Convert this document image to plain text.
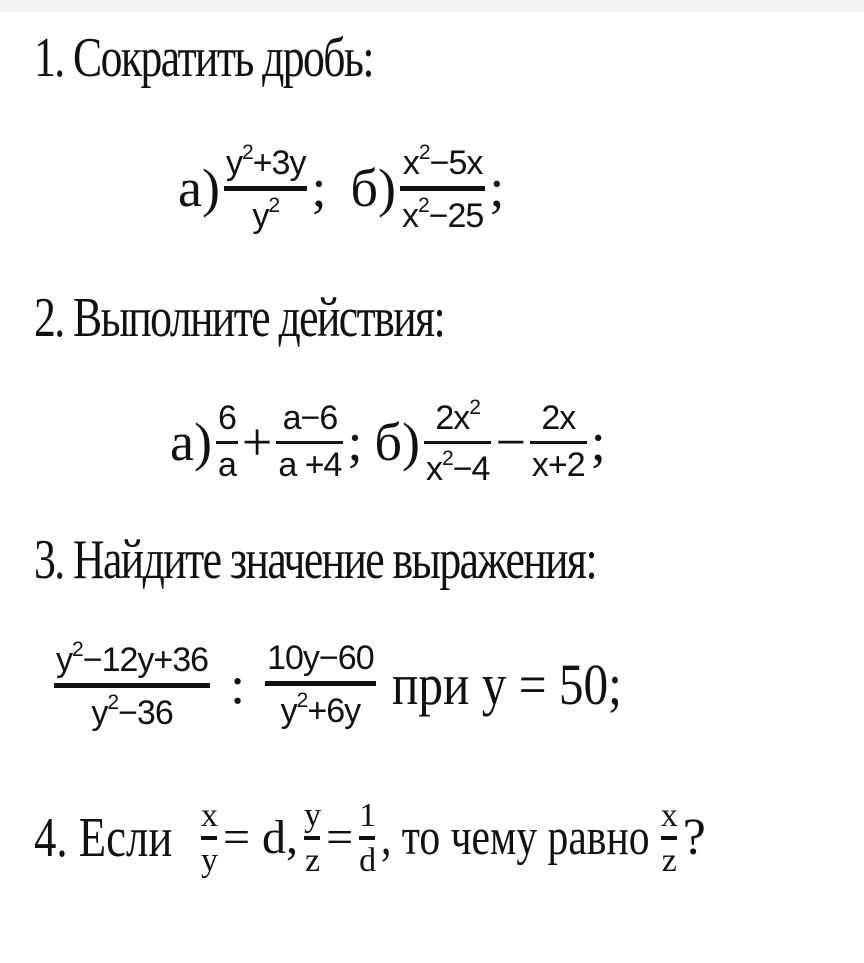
1. Сократить дробь:
а) $y^2+3y$
$y^2$ ; б) $x^2-5x$
$x^2-25$ ;
2. Выполните действия:
$а) \frac{6}{a} + \frac{a-6}{a +4}$ ; $б) \frac{2x^2}{x^2-4} - \frac{2x}{x+2}$ ;
3. Найдите значение выражения:
$y^2-12y+36$
$y^2-36$ : 10y−60
$y^2+6y$ при y = 50;
4. Если $\frac{x}{y} = d$, $\frac{y}{z} = \frac{1}{d}$ , то чему равно $\frac{x}{z}$ ?
